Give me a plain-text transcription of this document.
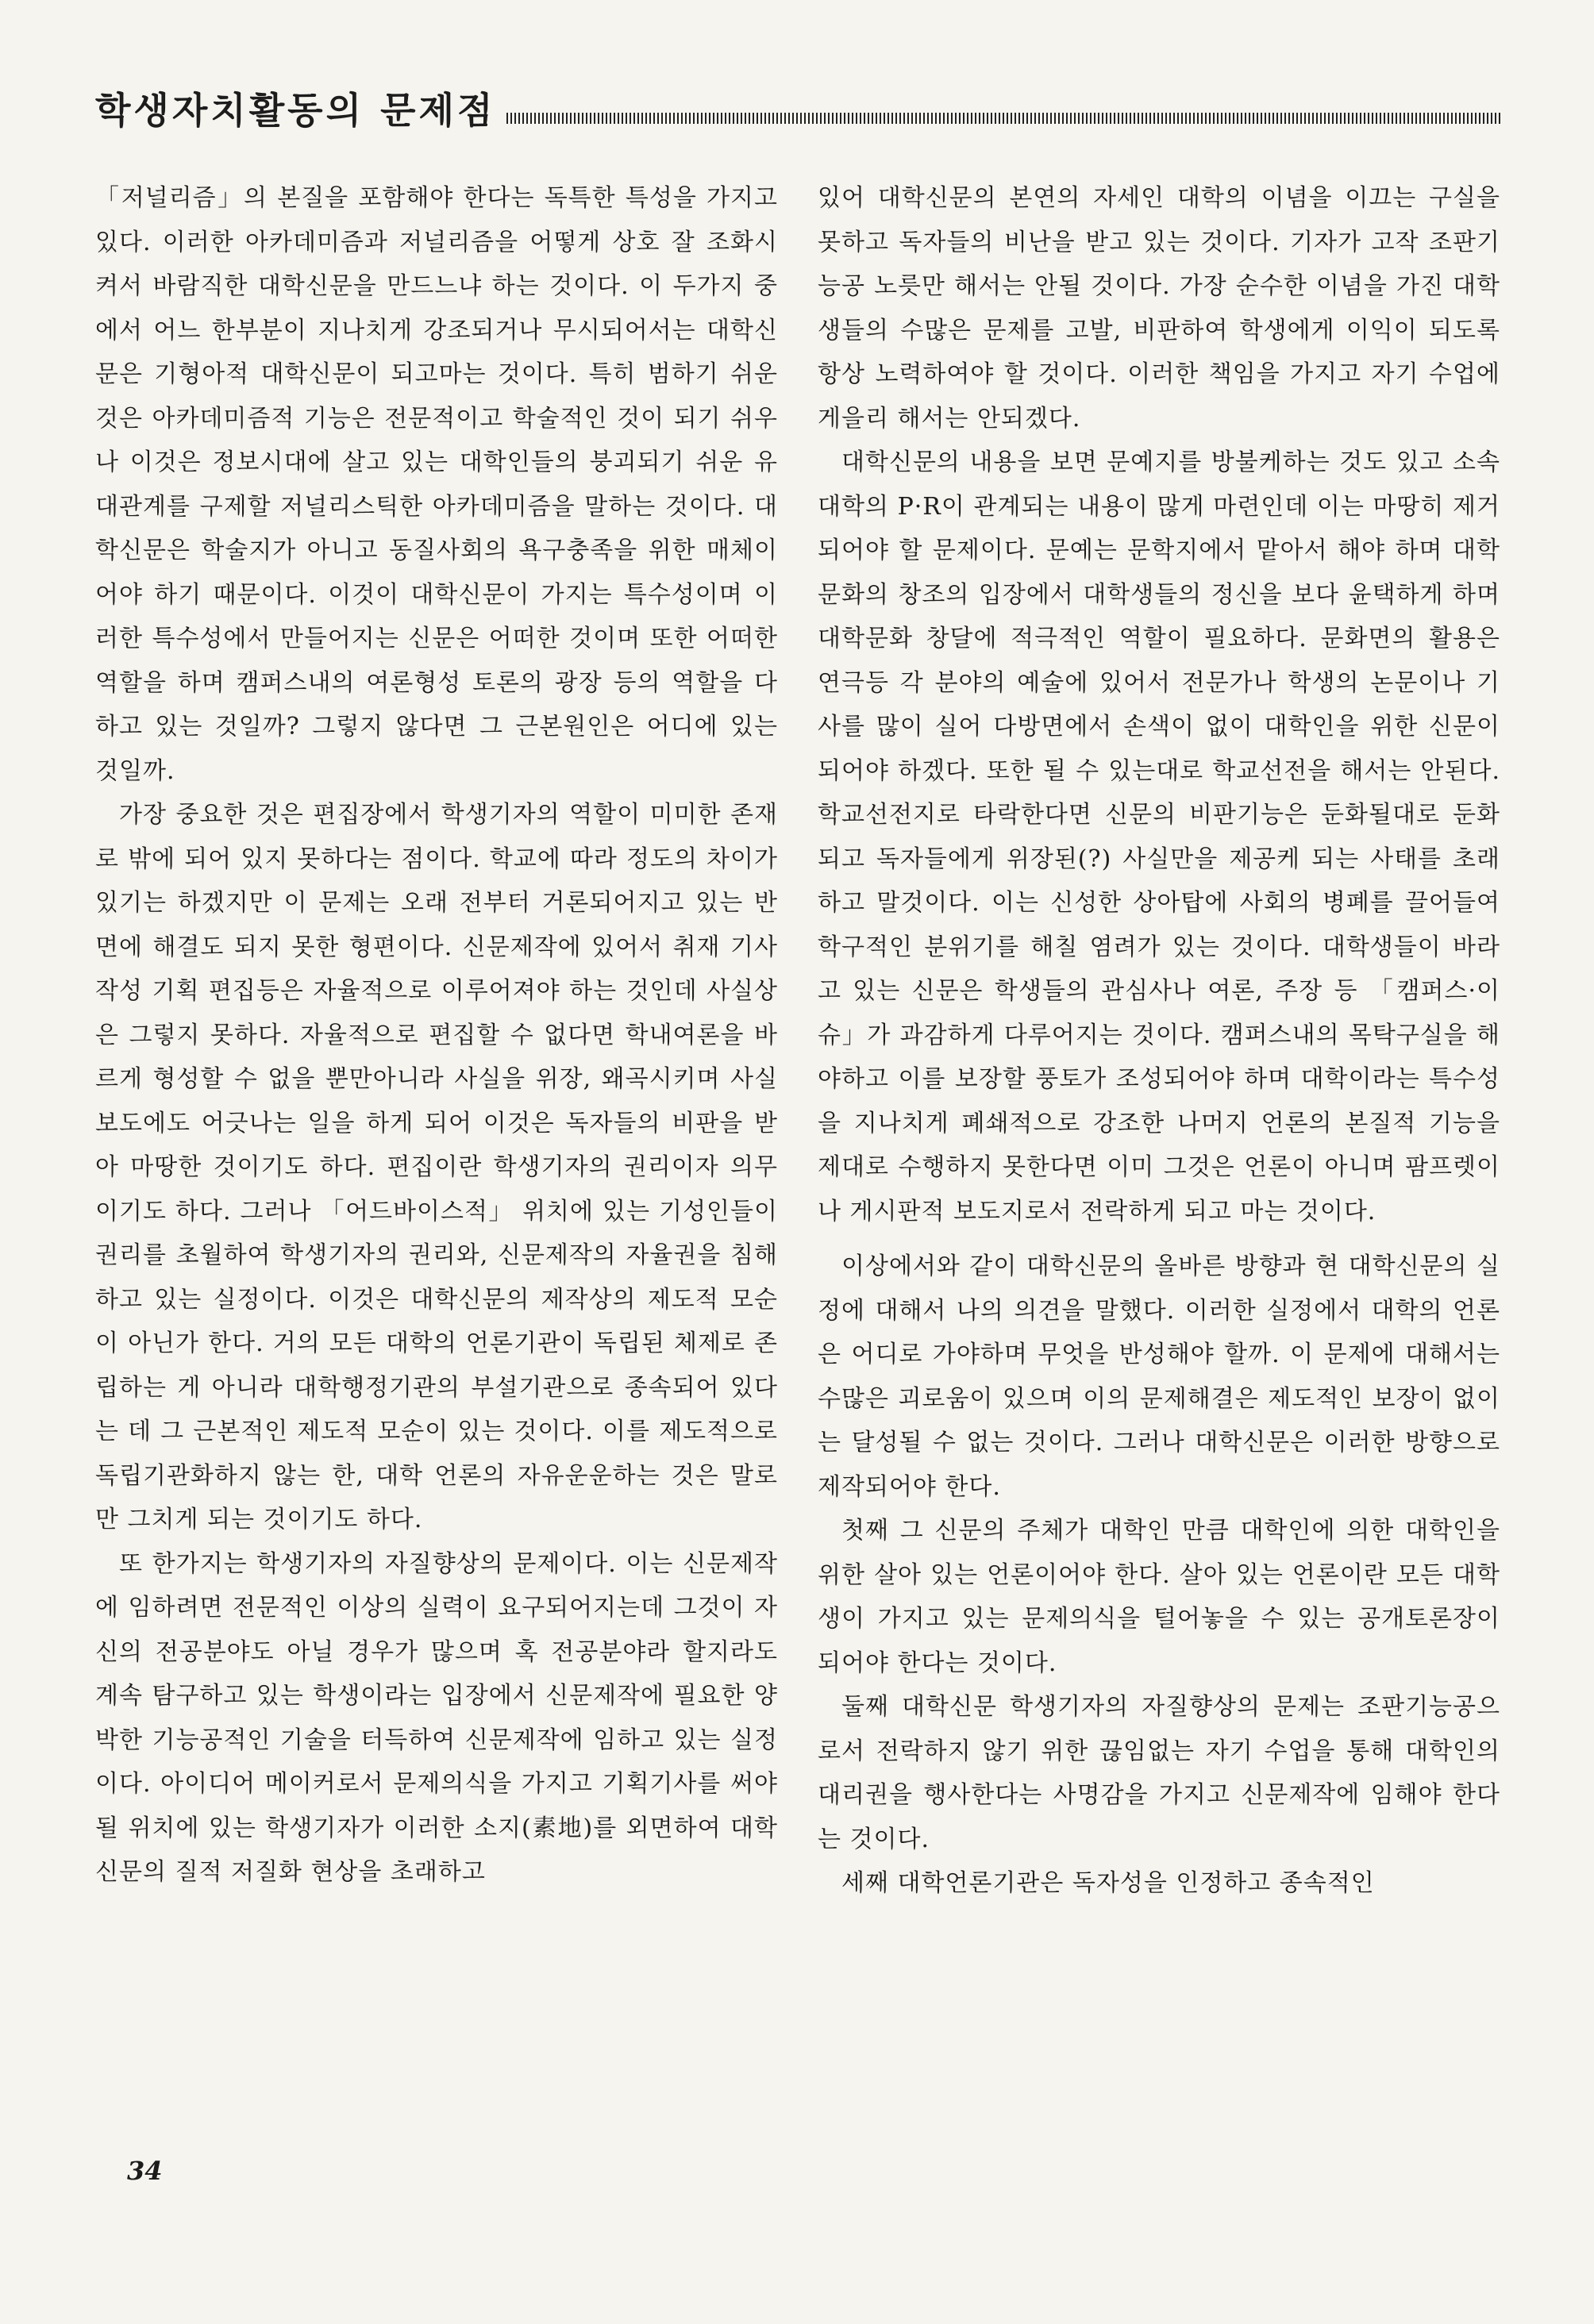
학생자치활동의 문제점

「저널리즘」의 본질을 포함해야 한다는 독특한 특성을 가지고 있다. 이러한 아카데미즘과 저널리즘을 어떻게 상호 잘 조화시켜서 바람직한 대학신문을 만드느냐 하는 것이다. 이 두가지 중에서 어느 한부분이 지나치게 강조되거나 무시되어서는 대학신문은 기형아적 대학신문이 되고마는 것이다. 특히 범하기 쉬운 것은 아카데미즘적 기능은 전문적이고 학술적인 것이 되기 쉬우나 이것은 정보시대에 살고 있는 대학인들의 붕괴되기 쉬운 유대관계를 구제할 저널리스틱한 아카데미즘을 말하는 것이다. 대학신문은 학술지가 아니고 동질사회의 욕구충족을 위한 매체이어야 하기 때문이다. 이것이 대학신문이 가지는 특수성이며 이러한 특수성에서 만들어지는 신문은 어떠한 것이며 또한 어떠한 역할을 하며 캠퍼스내의 여론형성 토론의 광장 등의 역할을 다하고 있는 것일까? 그렇지 않다면 그 근본원인은 어디에 있는 것일까.

가장 중요한 것은 편집장에서 학생기자의 역할이 미미한 존재로 밖에 되어 있지 못하다는 점이다. 학교에 따라 정도의 차이가 있기는 하겠지만 이 문제는 오래 전부터 거론되어지고 있는 반면에 해결도 되지 못한 형편이다. 신문제작에 있어서 취재 기사작성 기획 편집등은 자율적으로 이루어져야 하는 것인데 사실상은 그렇지 못하다. 자율적으로 편집할 수 없다면 학내여론을 바르게 형성할 수 없을 뿐만아니라 사실을 위장, 왜곡시키며 사실보도에도 어긋나는 일을 하게 되어 이것은 독자들의 비판을 받아 마땅한 것이기도 하다. 편집이란 학생기자의 권리이자 의무이기도 하다. 그러나 「어드바이스적」 위치에 있는 기성인들이 권리를 초월하여 학생기자의 권리와, 신문제작의 자율권을 침해하고 있는 실정이다. 이것은 대학신문의 제작상의 제도적 모순이 아닌가 한다. 거의 모든 대학의 언론기관이 독립된 체제로 존립하는 게 아니라 대학행정기관의 부설기관으로 종속되어 있다는 데 그 근본적인 제도적 모순이 있는 것이다. 이를 제도적으로 독립기관화하지 않는 한, 대학 언론의 자유운운하는 것은 말로만 그치게 되는 것이기도 하다.

또 한가지는 학생기자의 자질향상의 문제이다. 이는 신문제작에 임하려면 전문적인 이상의 실력이 요구되어지는데 그것이 자신의 전공분야도 아닐 경우가 많으며 혹 전공분야라 할지라도 계속 탐구하고 있는 학생이라는 입장에서 신문제작에 필요한 양박한 기능공적인 기술을 터득하여 신문제작에 임하고 있는 실정이다. 아이디어 메이커로서 문제의식을 가지고 기획기사를 써야될 위치에 있는 학생기자가 이러한 소지(素地)를 외면하여 대학신문의 질적 저질화 현상을 초래하고

있어 대학신문의 본연의 자세인 대학의 이념을 이끄는 구실을 못하고 독자들의 비난을 받고 있는 것이다. 기자가 고작 조판기능공 노릇만 해서는 안될 것이다. 가장 순수한 이념을 가진 대학생들의 수많은 문제를 고발, 비판하여 학생에게 이익이 되도록 항상 노력하여야 할 것이다. 이러한 책임을 가지고 자기 수업에 게을리 해서는 안되겠다.

대학신문의 내용을 보면 문예지를 방불케하는 것도 있고 소속대학의 P·R이 관계되는 내용이 많게 마련인데 이는 마땅히 제거되어야 할 문제이다. 문예는 문학지에서 맡아서 해야 하며 대학문화의 창조의 입장에서 대학생들의 정신을 보다 윤택하게 하며 대학문화 창달에 적극적인 역할이 필요하다. 문화면의 활용은 연극등 각 분야의 예술에 있어서 전문가나 학생의 논문이나 기사를 많이 실어 다방면에서 손색이 없이 대학인을 위한 신문이 되어야 하겠다. 또한 될 수 있는대로 학교선전을 해서는 안된다. 학교선전지로 타락한다면 신문의 비판기능은 둔화될대로 둔화되고 독자들에게 위장된(?) 사실만을 제공케 되는 사태를 초래하고 말것이다. 이는 신성한 상아탑에 사회의 병폐를 끌어들여 학구적인 분위기를 해칠 염려가 있는 것이다. 대학생들이 바라고 있는 신문은 학생들의 관심사나 여론, 주장 등 「캠퍼스·이슈」가 과감하게 다루어지는 것이다. 캠퍼스내의 목탁구실을 해야하고 이를 보장할 풍토가 조성되어야 하며 대학이라는 특수성을 지나치게 폐쇄적으로 강조한 나머지 언론의 본질적 기능을 제대로 수행하지 못한다면 이미 그것은 언론이 아니며 팜프렛이나 게시판적 보도지로서 전락하게 되고 마는 것이다.

이상에서와 같이 대학신문의 올바른 방향과 현 대학신문의 실정에 대해서 나의 의견을 말했다. 이러한 실정에서 대학의 언론은 어디로 가야하며 무엇을 반성해야 할까. 이 문제에 대해서는 수많은 괴로움이 있으며 이의 문제해결은 제도적인 보장이 없이는 달성될 수 없는 것이다. 그러나 대학신문은 이러한 방향으로 제작되어야 한다.

첫째 그 신문의 주체가 대학인 만큼 대학인에 의한 대학인을 위한 살아 있는 언론이어야 한다. 살아 있는 언론이란 모든 대학생이 가지고 있는 문제의식을 털어놓을 수 있는 공개토론장이 되어야 한다는 것이다.

둘째 대학신문 학생기자의 자질향상의 문제는 조판기능공으로서 전락하지 않기 위한 끊임없는 자기 수업을 통해 대학인의 대리권을 행사한다는 사명감을 가지고 신문제작에 임해야 한다는 것이다.

세째 대학언론기관은 독자성을 인정하고 종속적인

34
